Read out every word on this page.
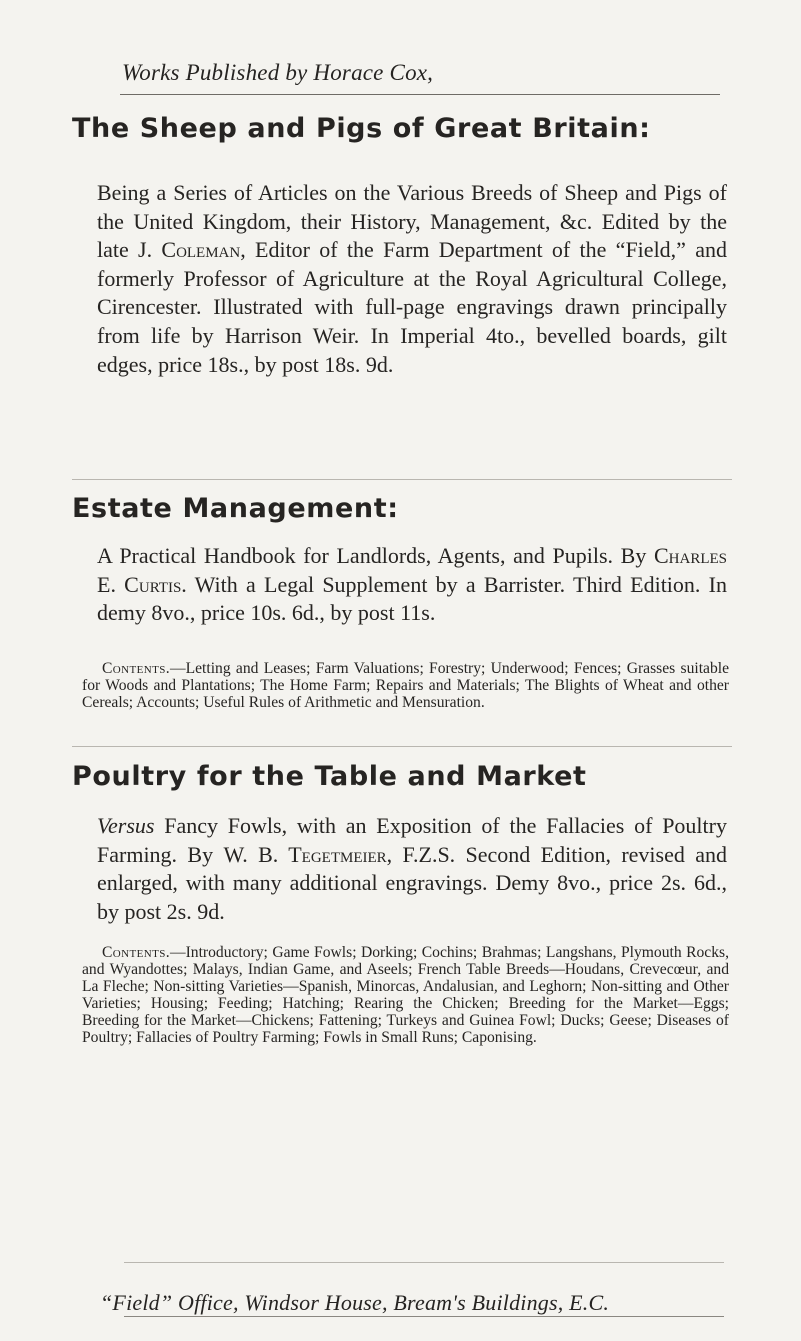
Works Published by Horace Cox,
The Sheep and Pigs of Great Britain:
Being a Series of Articles on the Various Breeds of Sheep and Pigs of the United Kingdom, their History, Management, &c. Edited by the late J. Coleman, Editor of the Farm Department of the “Field,” and formerly Professor of Agriculture at the Royal Agricultural College, Cirencester. Illustrated with full-page engravings drawn principally from life by Harrison Weir. In Imperial 4to., bevelled boards, gilt edges, price 18s., by post 18s. 9d.
Estate Management:
A Practical Handbook for Landlords, Agents, and Pupils. By Charles E. Curtis. With a Legal Supplement by a Barrister. Third Edition. In demy 8vo., price 10s. 6d., by post 11s.
Contents.—Letting and Leases; Farm Valuations; Forestry; Underwood; Fences; Grasses suitable for Woods and Plantations; The Home Farm; Repairs and Materials; The Blights of Wheat and other Cereals; Accounts; Useful Rules of Arithmetic and Mensuration.
Poultry for the Table and Market
Versus Fancy Fowls, with an Exposition of the Fallacies of Poultry Farming. By W. B. Tegetmeier, F.Z.S. Second Edition, revised and enlarged, with many additional engravings. Demy 8vo., price 2s. 6d., by post 2s. 9d.
Contents.—Introductory; Game Fowls; Dorking; Cochins; Brahmas; Langshans, Plymouth Rocks, and Wyandottes; Malays, Indian Game, and Aseels; French Table Breeds—Houdans, Crevecœur, and La Fleche; Non-sitting Varieties—Spanish, Minorcas, Andalusian, and Leghorn; Non-sitting and Other Varieties; Housing; Feeding; Hatching; Rearing the Chicken; Breeding for the Market—Eggs; Breeding for the Market—Chickens; Fattening; Turkeys and Guinea Fowl; Ducks; Geese; Diseases of Poultry; Fallacies of Poultry Farming; Fowls in Small Runs; Caponising.
“Field” Office, Windsor House, Bream's Buildings, E.C.
